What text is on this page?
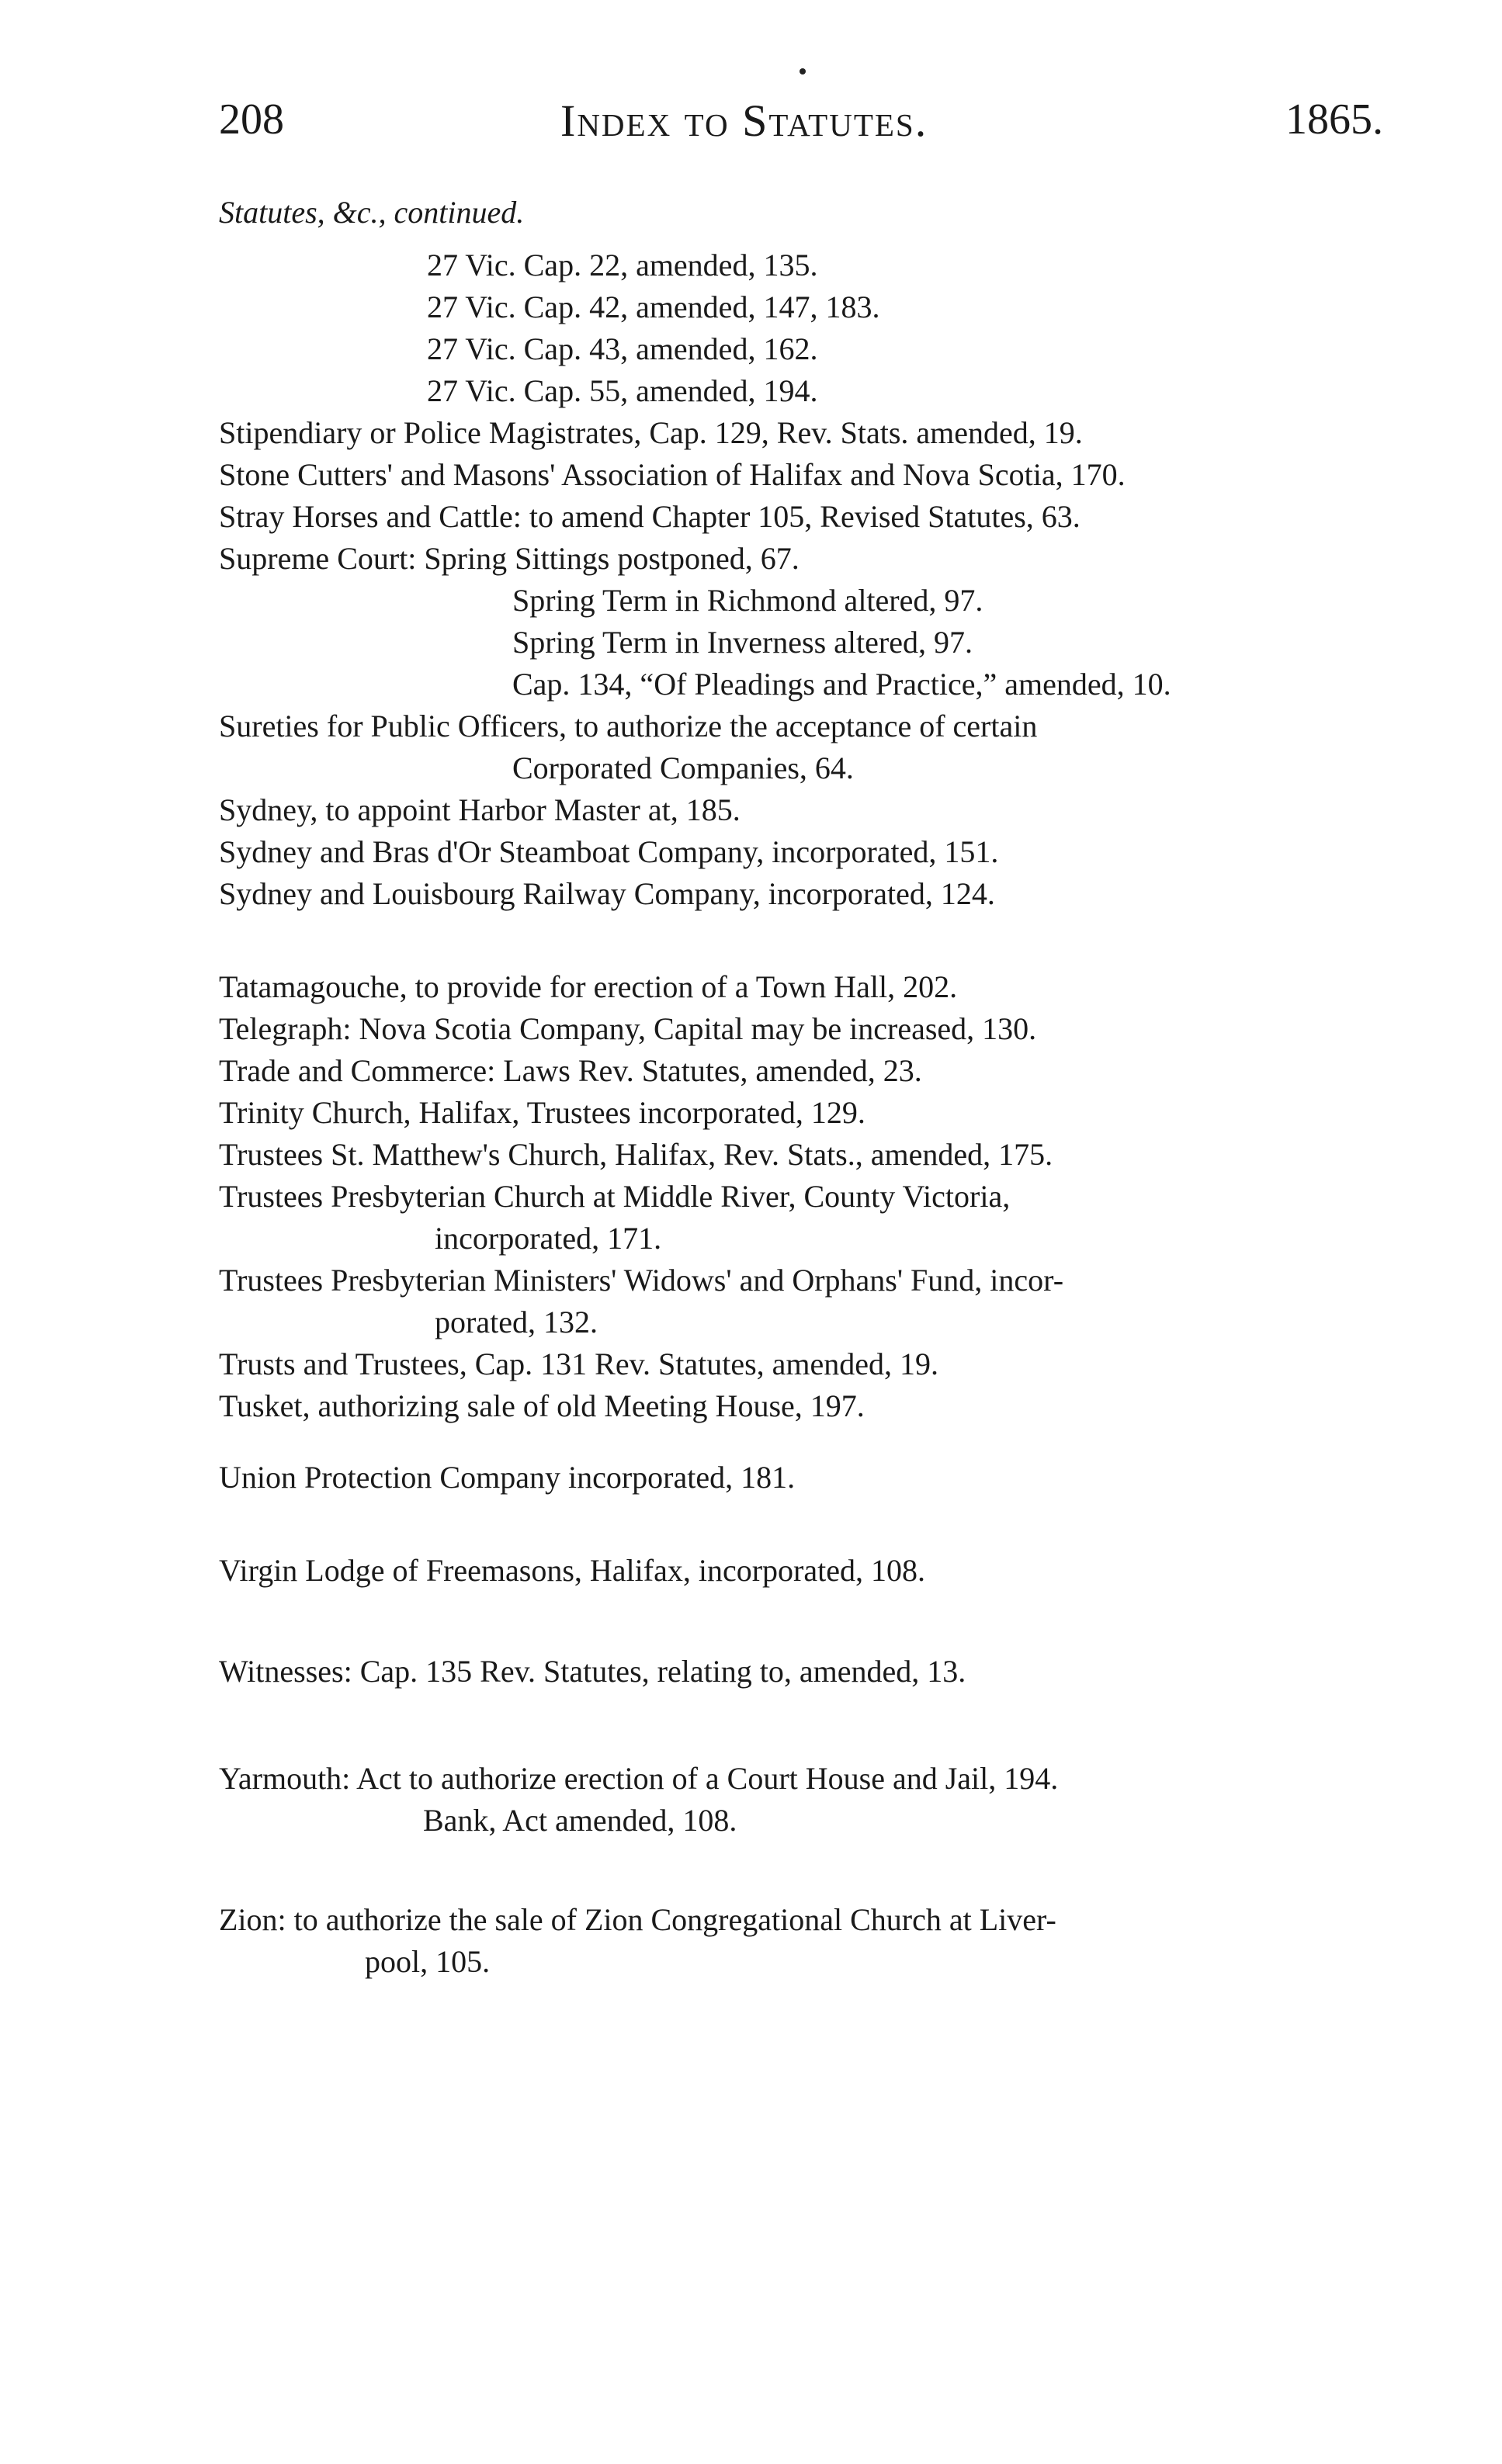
208	Index to Statutes.	1865.
Statutes, &c., continued.
27 Vic. Cap. 22, amended, 135.
27 Vic. Cap. 42, amended, 147, 183.
27 Vic. Cap. 43, amended, 162.
27 Vic. Cap. 55, amended, 194.
Stipendiary or Police Magistrates, Cap. 129, Rev. Stats. amended, 19.
Stone Cutters' and Masons' Association of Halifax and Nova Scotia, 170.
Stray Horses and Cattle: to amend Chapter 105, Revised Statutes, 63.
Supreme Court: Spring Sittings postponed, 67.
Spring Term in Richmond altered, 97.
Spring Term in Inverness altered, 97.
Cap. 134, “Of Pleadings and Practice,” amended, 10.
Sureties for Public Officers, to authorize the acceptance of certain
Corporated Companies, 64.
Sydney, to appoint Harbor Master at, 185.
Sydney and Bras d'Or Steamboat Company, incorporated, 151.
Sydney and Louisbourg Railway Company, incorporated, 124.
Tatamagouche, to provide for erection of a Town Hall, 202.
Telegraph: Nova Scotia Company, Capital may be increased, 130.
Trade and Commerce: Laws Rev. Statutes, amended, 23.
Trinity Church, Halifax, Trustees incorporated, 129.
Trustees St. Matthew's Church, Halifax, Rev. Stats., amended, 175.
Trustees Presbyterian Church at Middle River, County Victoria,
incorporated, 171.
Trustees Presbyterian Ministers' Widows' and Orphans' Fund, incor-
porated, 132.
Trusts and Trustees, Cap. 131 Rev. Statutes, amended, 19.
Tusket, authorizing sale of old Meeting House, 197.
Union Protection Company incorporated, 181.
Virgin Lodge of Freemasons, Halifax, incorporated, 108.
Witnesses: Cap. 135 Rev. Statutes, relating to, amended, 13.
Yarmouth: Act to authorize erection of a Court House and Jail, 194.
Bank, Act amended, 108.
Zion: to authorize the sale of Zion Congregational Church at Liver-
pool, 105.
